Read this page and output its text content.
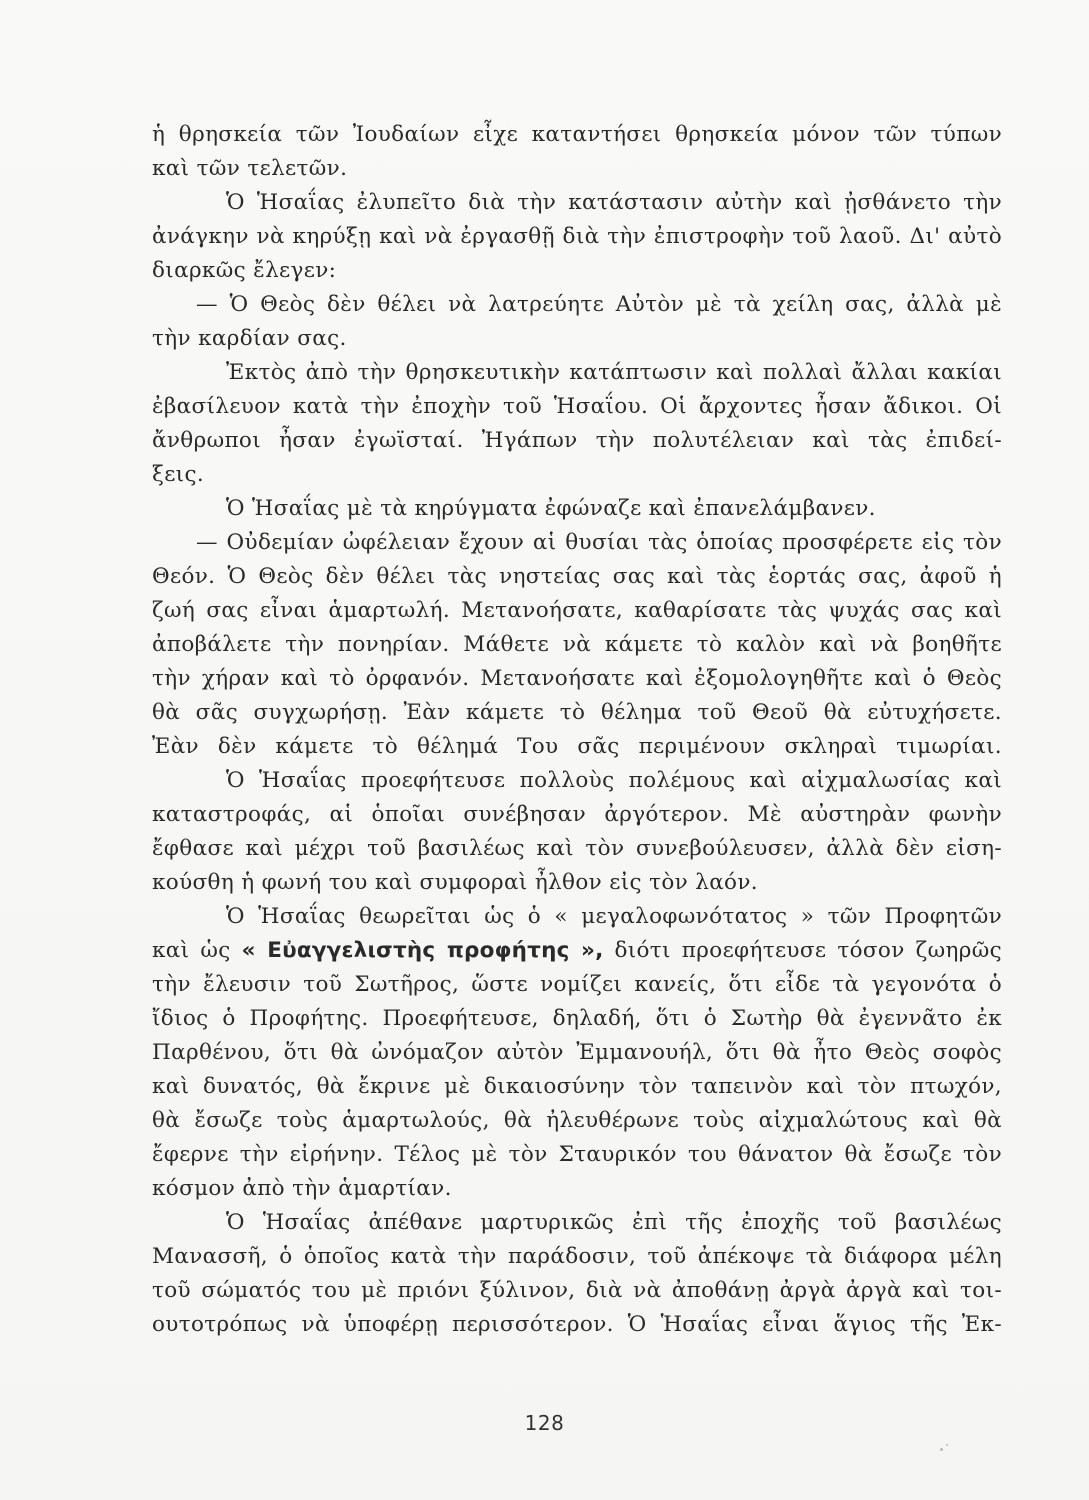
ἡ θρησκεία τῶν Ἰουδαίων εἶχε καταντήσει θρησκεία μόνον τῶν τύπων
καὶ τῶν τελετῶν.
Ὁ Ἡσαΐας ἐλυπεῖτο διὰ τὴν κατάστασιν αὐτὴν καὶ ᾐσθάνετο τὴν
ἀνάγκην νὰ κηρύξῃ καὶ νὰ ἐργασθῇ διὰ τὴν ἐπιστροφὴν τοῦ λαοῦ. Δι' αὐτὸ
διαρκῶς ἔλεγεν:
— Ὁ Θεὸς δὲν θέλει νὰ λατρεύητε Αὐτὸν μὲ τὰ χείλη σας, ἀλλὰ μὲ
τὴν καρδίαν σας.
Ἐκτὸς ἀπὸ τὴν θρησκευτικὴν κατάπτωσιν καὶ πολλαὶ ἄλλαι κακίαι
ἐβασίλευον κατὰ τὴν ἐποχὴν τοῦ Ἡσαΐου. Οἱ ἄρχοντες ἦσαν ἄδικοι. Οἱ
ἄνθρωποι ἦσαν ἐγωϊσταί. Ἠγάπων τὴν πολυτέλειαν καὶ τὰς ἐπιδεί-
ξεις.
Ὁ Ἡσαΐας μὲ τὰ κηρύγματα ἐφώναζε καὶ ἐπανελάμβανεν.
— Οὐδεμίαν ὠφέλειαν ἔχουν αἱ θυσίαι τὰς ὁποίας προσφέρετε εἰς τὸν
Θεόν. Ὁ Θεὸς δὲν θέλει τὰς νηστείας σας καὶ τὰς ἑορτάς σας, ἀφοῦ ἡ
ζωή σας εἶναι ἁμαρτωλή. Μετανοήσατε, καθαρίσατε τὰς ψυχάς σας καὶ
ἀποβάλετε τὴν πονηρίαν. Μάθετε νὰ κάμετε τὸ καλὸν καὶ νὰ βοηθῆτε
τὴν χήραν καὶ τὸ ὀρφανόν. Μετανοήσατε καὶ ἐξομολογηθῆτε καὶ ὁ Θεὸς
θὰ σᾶς συγχωρήσῃ. Ἐὰν κάμετε τὸ θέλημα τοῦ Θεοῦ θὰ εὐτυχήσετε.
Ἐὰν δὲν κάμετε τὸ θέλημά Του σᾶς περιμένουν σκληραὶ τιμωρίαι.
Ὁ Ἡσαΐας προεφήτευσε πολλοὺς πολέμους καὶ αἰχμαλωσίας καὶ
καταστροφάς, αἱ ὁποῖαι συνέβησαν ἀργότερον. Μὲ αὐστηρὰν φωνὴν
ἔφθασε καὶ μέχρι τοῦ βασιλέως καὶ τὸν συνεβούλευσεν, ἀλλὰ δὲν εἰση-
κούσθη ἡ φωνή του καὶ συμφοραὶ ἦλθον εἰς τὸν λαόν.
Ὁ Ἡσαΐας θεωρεῖται ὡς ὁ « μεγαλοφωνότατος » τῶν Προφητῶν
καὶ ὡς « Εὐαγγελιστὴς προφήτης », διότι προεφήτευσε τόσον ζωηρῶς
τὴν ἔλευσιν τοῦ Σωτῆρος, ὥστε νομίζει κανείς, ὅτι εἶδε τὰ γεγονότα ὁ
ἴδιος ὁ Προφήτης. Προεφήτευσε, δηλαδή, ὅτι ὁ Σωτὴρ θὰ ἐγεννᾶτο ἐκ
Παρθένου, ὅτι θὰ ὠνόμαζον αὐτὸν Ἐμμανουήλ, ὅτι θὰ ἦτο Θεὸς σοφὸς
καὶ δυνατός, θὰ ἔκρινε μὲ δικαιοσύνην τὸν ταπεινὸν καὶ τὸν πτωχόν,
θὰ ἔσωζε τοὺς ἁμαρτωλούς, θὰ ἠλευθέρωνε τοὺς αἰχμαλώτους καὶ θὰ
ἔφερνε τὴν εἰρήνην. Τέλος μὲ τὸν Σταυρικόν του θάνατον θὰ ἔσωζε τὸν
κόσμον ἀπὸ τὴν ἁμαρτίαν.
Ὁ Ἡσαΐας ἀπέθανε μαρτυρικῶς ἐπὶ τῆς ἐποχῆς τοῦ βασιλέως
Μανασσῆ, ὁ ὁποῖος κατὰ τὴν παράδοσιν, τοῦ ἀπέκοψε τὰ διάφορα μέλη
τοῦ σώματός του μὲ πριόνι ξύλινον, διὰ νὰ ἀποθάνῃ ἀργὰ ἀργὰ καὶ τοι-
ουτοτρόπως νὰ ὑποφέρῃ περισσότερον. Ὁ Ἡσαΐας εἶναι ἅγιος τῆς Ἐκ-
128
